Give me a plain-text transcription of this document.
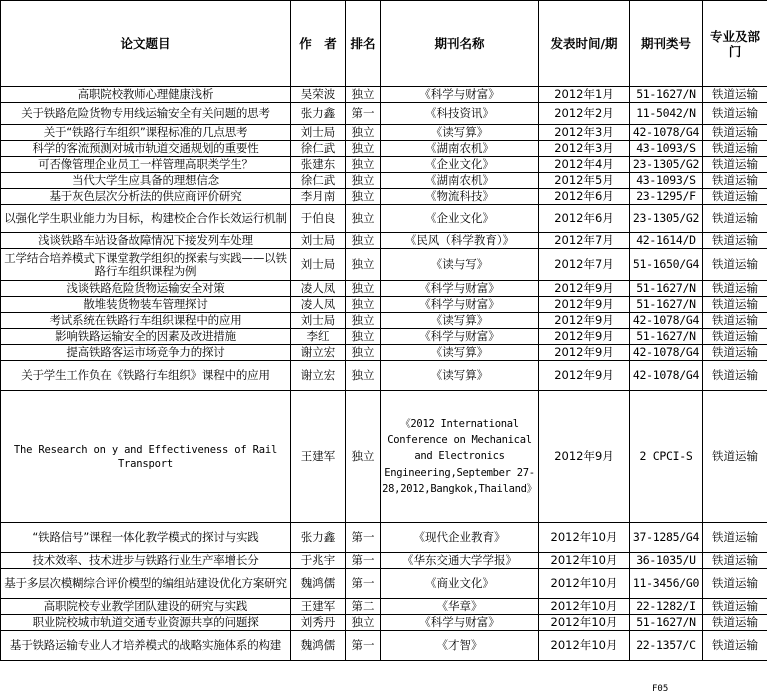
论文题目	作　者	排名	期刊名称	发表时间/期	期刊类号	专业及部门
高职院校教师心理健康浅析	吴荣波	独立	《科学与财富》	2012年1月	51-1627/N	铁道运输
关于铁路危险货物专用线运输安全有关问题的思考	张力鑫	第一	《科技资讯》	2012年2月	11-5042/N	铁道运输
关于“铁路行车组织”课程标准的几点思考	刘士局	独立	《读写算》	2012年3月	42-1078/G4	铁道运输
科学的客流预测对城市轨道交通规划的重要性	徐仁武	独立	《湖南农机》	2012年3月	43-1093/S	铁道运输
可否像管理企业员工一样管理高职类学生？	张建东	独立	《企业文化》	2012年4月	23-1305/G2	铁道运输
当代大学生应具备的理想信念	徐仁武	独立	《湖南农机》	2012年5月	43-1093/S	铁道运输
基于灰色层次分析法的供应商评价研究	李月南	独立	《物流科技》	2012年6月	23-1295/F	铁道运输
以强化学生职业能力为目标，构建校企合作长效运行机制	于伯良	独立	《企业文化》	2012年6月	23-1305/G2	铁道运输
浅谈铁路车站设备故障情况下接发列车处理	刘士局	独立	《民风（科学教育）》	2012年7月	42-1614/D	铁道运输
工学结合培养模式下课堂教学组织的探索与实践——以铁路行车组织课程为例	刘士局	独立	《读与写》	2012年7月	51-1650/G4	铁道运输
浅谈铁路危险货物运输安全对策	凌人凤	独立	《科学与财富》	2012年9月	51-1627/N	铁道运输
散堆装货物装车管理探讨	凌人凤	独立	《科学与财富》	2012年9月	51-1627/N	铁道运输
考试系统在铁路行车组织课程中的应用	刘士局	独立	《读写算》	2012年9月	42-1078/G4	铁道运输
影响铁路运输安全的因素及改进措施	李红	独立	《科学与财富》	2012年9月	51-1627/N	铁道运输
提高铁路客运市场竞争力的探讨	谢立宏	独立	《读写算》	2012年9月	42-1078/G4	铁道运输
关于学生工作负在《铁路行车组织》课程中的应用	谢立宏	独立	《读写算》	2012年9月	42-1078/G4	铁道运输
The Research on y and Effectiveness of Rail Transport	王建军	独立	《2012 International Conference on Mechanical and Electronics Engineering,September 27-28,2012,Bangkok,Thailand》	2012年9月	2 CPCI-S	铁道运输
“铁路信号”课程一体化教学模式的探讨与实践	张力鑫	第一	《现代企业教育》	2012年10月	37-1285/G4	铁道运输
技术效率、技术进步与铁路行业生产率增长分	于兆宇	第一	《华东交通大学学报》	2012年10月	36-1035/U	铁道运输
基于多层次模糊综合评价模型的编组站建设优化方案研究	魏鸿儒	第一	《商业文化》	2012年10月	11-3456/G0	铁道运输
高职院校专业教学团队建设的研究与实践	王建军	第二	《华章》	2012年10月	22-1282/I	铁道运输
职业院校城市轨道交通专业资源共享的问题探	刘秀丹	独立	《科学与财富》	2012年10月	51-1627/N	铁道运输
基于铁路运输专业人才培养模式的战略实施体系的构建	魏鸿儒	第一	《才智》	2012年10月	22-1357/C	铁道运输
F05
